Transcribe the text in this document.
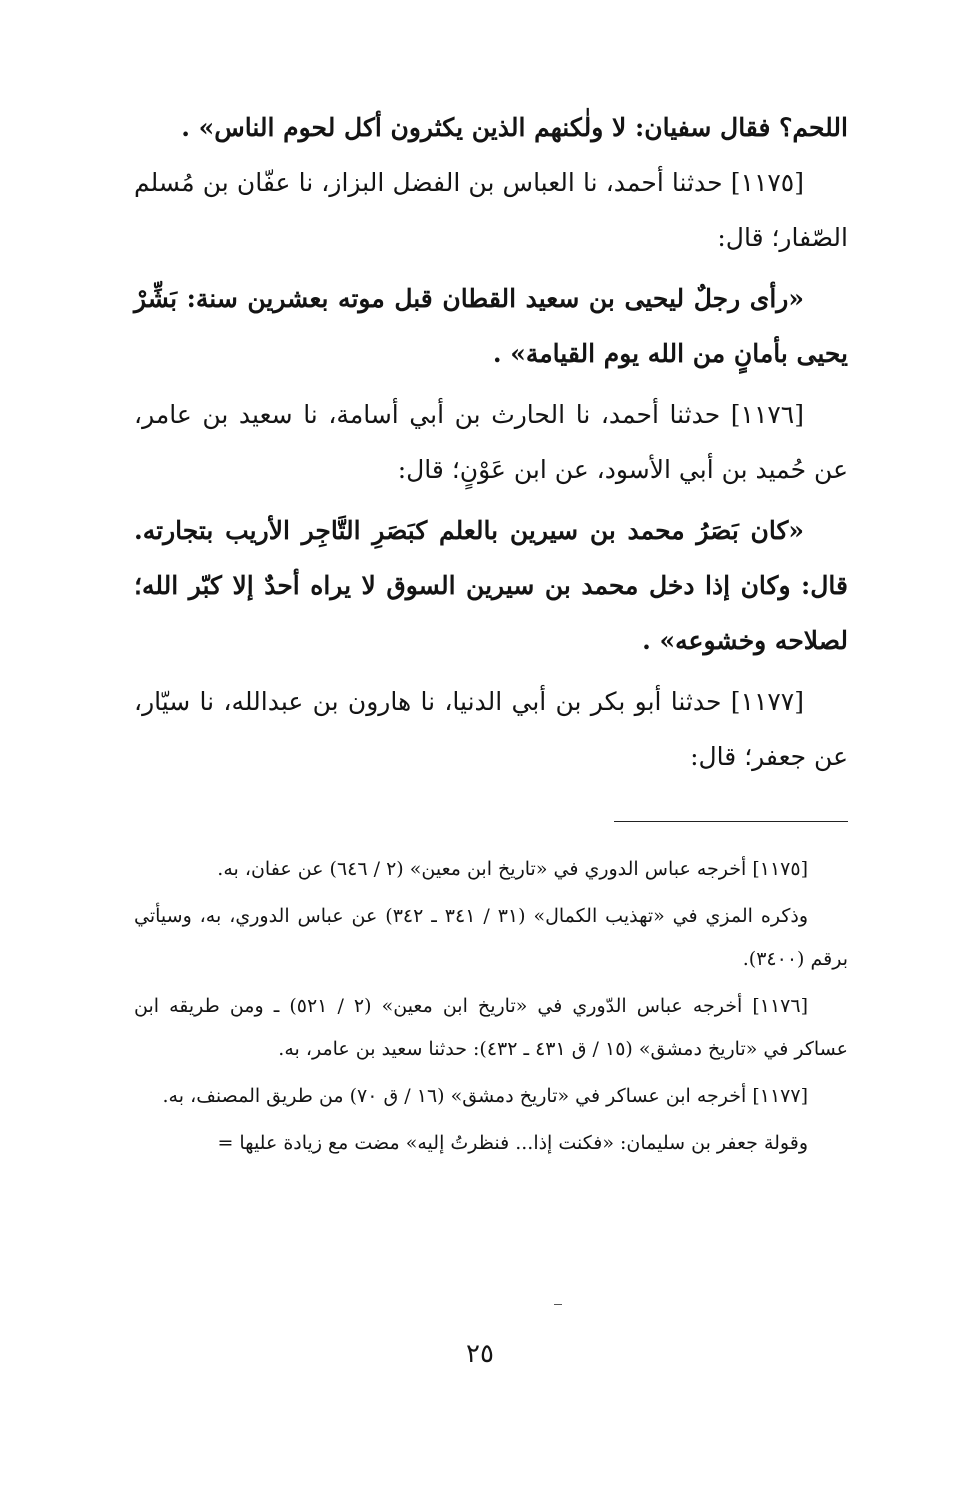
اللحم؟ فقال سفيان: لا ولٰكنهم الذين يكثرون أكل لحوم الناس» .

[١١٧٥] حدثنا أحمد، نا العباس بن الفضل البزاز، نا عفّان بن مُسلم الصّفار؛ قال:

«رأى رجلٌ ليحيى بن سعيد القطان قبل موته بعشرين سنة: بَشِّرْ يحيى بأمانٍ من الله يوم القيامة» .

[١١٧٦] حدثنا أحمد، نا الحارث بن أبي أسامة، نا سعيد بن عامر، عن حُميد بن أبي الأسود، عن ابن عَوْنٍ؛ قال:

«كان بَصَرُ محمد بن سيرين بالعلم كبَصَرِ التَّاجِر الأريب بتجارته. قال: وكان إذا دخل محمد بن سيرين السوق لا يراه أحدٌ إلا كبّر الله؛ لصلاحه وخشوعه» .

[١١٧٧] حدثنا أبو بكر بن أبي الدنيا، نا هارون بن عبدالله، نا سيّار، عن جعفر؛ قال:

[١١٧٥] أخرجه عباس الدوري في «تاريخ ابن معين» (٢ / ٦٤٦) عن عفان، به.

وذكره المزي في «تهذيب الكمال» (٣١ / ٣٤١ ـ ٣٤٢) عن عباس الدوري، به، وسيأتي برقم (٣٤٠٠).

[١١٧٦] أخرجه عباس الدّوري في «تاريخ ابن معين» (٢ / ٥٢١) ـ ومن طريقه ابن عساكر في «تاريخ دمشق» (١٥ / ق ٤٣١ ـ ٤٣٢): حدثنا سعيد بن عامر، به.

[١١٧٧] أخرجه ابن عساكر في «تاريخ دمشق» (١٦ / ق ٧٠) من طريق المصنف، به.

وقولة جعفر بن سليمان: «فكنت إذا... فنظرتُ إليه» مضت مع زيادة عليها =

٢٥
